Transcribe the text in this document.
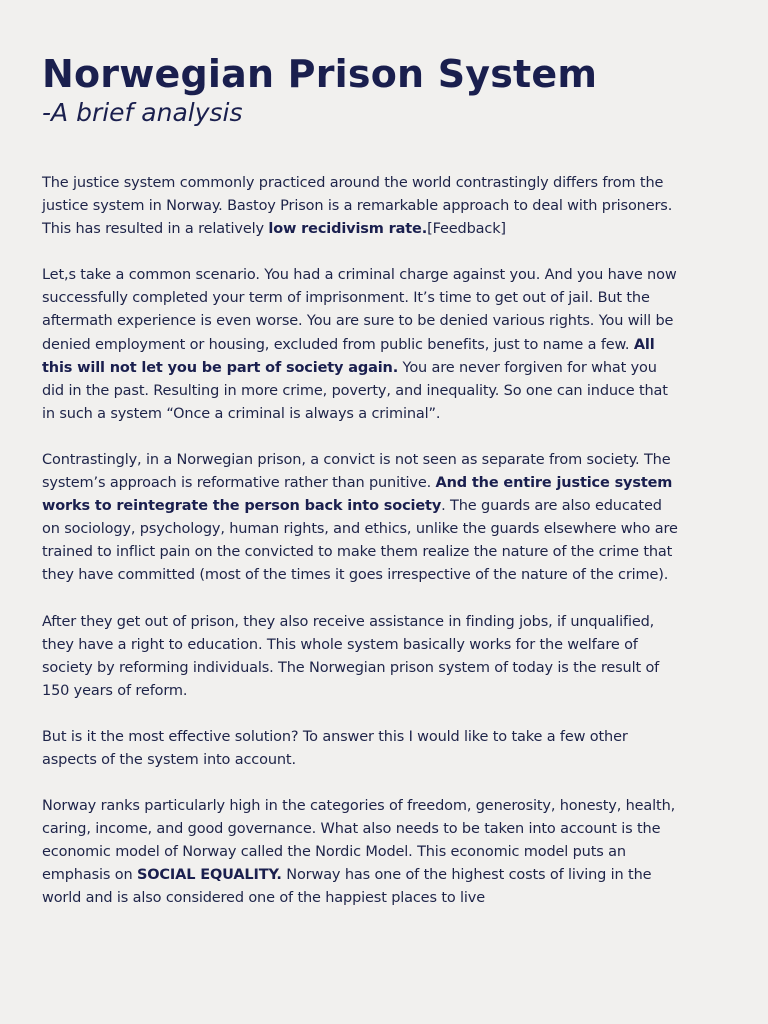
Norwegian Prison System
-A brief analysis

The justice system commonly practiced around the world contrastingly differs from the justice system in Norway. Bastoy Prison is a remarkable approach to deal with prisoners. This has resulted in a relatively low recidivism rate.[Feedback]

Let,s take a common scenario. You had a criminal charge against you. And you have now successfully completed your term of imprisonment. It’s time to get out of jail. But the aftermath experience is even worse. You are sure to be denied various rights. You will be denied employment or housing, excluded from public benefits, just to name a few. All this will not let you be part of society again. You are never forgiven for what you did in the past. Resulting in more crime, poverty, and inequality. So one can induce that in such a system “Once a criminal is always a criminal”.

Contrastingly, in a Norwegian prison, a convict is not seen as separate from society. The system’s approach is reformative rather than punitive. And the entire justice system works to reintegrate the person back into society. The guards are also educated on sociology, psychology, human rights, and ethics, unlike the guards elsewhere who are trained to inflict pain on the convicted to make them realize the nature of the crime that they have committed (most of the times it goes irrespective of the nature of the crime).

After they get out of prison, they also receive assistance in finding jobs, if unqualified, they have a right to education. This whole system basically works for the welfare of society by reforming individuals. The Norwegian prison system of today is the result of 150 years of reform.

But is it the most effective solution? To answer this I would like to take a few other aspects of the system into account.

Norway ranks particularly high in the categories of freedom, generosity, honesty, health, caring, income, and good governance. What also needs to be taken into account is the economic model of Norway called the Nordic Model. This economic model puts an emphasis on SOCIAL EQUALITY. Norway has one of the highest costs of living in the world and is also considered one of the happiest places to live
